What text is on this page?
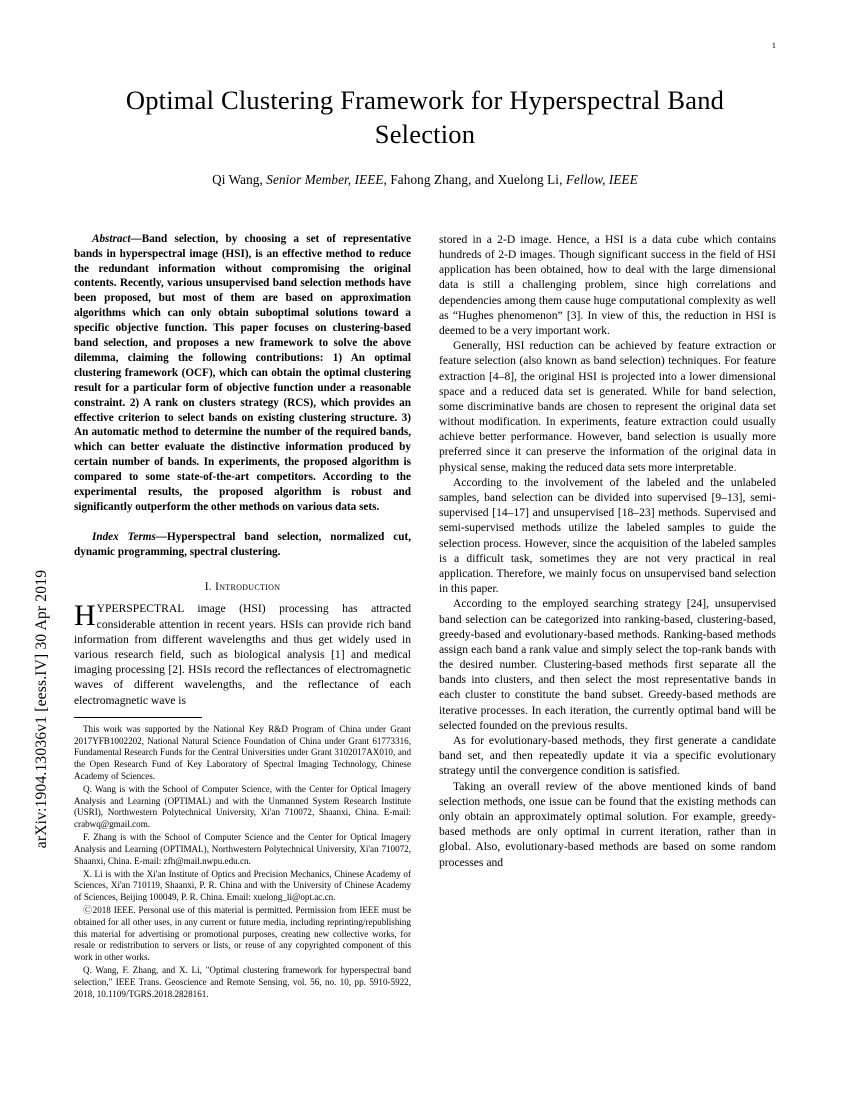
arXiv:1904.13036v1 [eess.IV] 30 Apr 2019
1
Optimal Clustering Framework for Hyperspectral Band Selection
Qi Wang, Senior Member, IEEE, Fahong Zhang, and Xuelong Li, Fellow, IEEE
Abstract—Band selection, by choosing a set of representative bands in hyperspectral image (HSI), is an effective method to reduce the redundant information without compromising the original contents. Recently, various unsupervised band selection methods have been proposed, but most of them are based on approximation algorithms which can only obtain suboptimal solutions toward a specific objective function. This paper focuses on clustering-based band selection, and proposes a new framework to solve the above dilemma, claiming the following contributions: 1) An optimal clustering framework (OCF), which can obtain the optimal clustering result for a particular form of objective function under a reasonable constraint. 2) A rank on clusters strategy (RCS), which provides an effective criterion to select bands on existing clustering structure. 3) An automatic method to determine the number of the required bands, which can better evaluate the distinctive information produced by certain number of bands. In experiments, the proposed algorithm is compared to some state-of-the-art competitors. According to the experimental results, the proposed algorithm is robust and significantly outperform the other methods on various data sets.
Index Terms—Hyperspectral band selection, normalized cut, dynamic programming, spectral clustering.
I. Introduction

HYPERSPECTRAL image (HSI) processing has attracted considerable attention in recent years. HSIs can provide rich band information from different wavelengths and thus get widely used in various research field, such as biological analysis [1] and medical imaging processing [2]. HSIs record the reflectances of electromagnetic waves of different wavelengths, and the reflectance of each electromagnetic wave is

This work was supported by the National Key R&D Program of China under Grant 2017YFB1002202, National Natural Science Foundation of China under Grant 61773316, Fundamental Research Funds for the Central Universities under Grant 3102017AX010, and the Open Research Fund of Key Laboratory of Spectral Imaging Technology, Chinese Academy of Sciences.

Q. Wang is with the School of Computer Science, with the Center for Optical Imagery Analysis and Learning (OPTIMAL) and with the Unmanned System Research Institute (USRI), Northwestern Polytechnical University, Xi'an 710072, Shaanxi, China. E-mail: crabwq@gmail.com.

F. Zhang is with the School of Computer Science and the Center for Optical Imagery Analysis and Learning (OPTIMAL), Northwestern Polytechnical University, Xi'an 710072, Shaanxi, China. E-mail: zfh@mail.nwpu.edu.cn.

X. Li is with the Xi'an Institute of Optics and Precision Mechanics, Chinese Academy of Sciences, Xi'an 710119, Shaanxi, P. R. China and with the University of Chinese Academy of Sciences, Beijing 100049, P. R. China. Email: xuelong_li@opt.ac.cn.

Ⓒ2018 IEEE. Personal use of this material is permitted. Permission from IEEE must be obtained for all other uses, in any current or future media, including reprinting/republishing this material for advertising or promotional purposes, creating new collective works, for resale or redistribution to servers or lists, or reuse of any copyrighted component of this work in other works.

Q. Wang, F. Zhang, and X. Li, "Optimal clustering framework for hyperspectral band selection," IEEE Trans. Geoscience and Remote Sensing, vol. 56, no. 10, pp. 5910-5922, 2018, 10.1109/TGRS.2018.2828161.

stored in a 2-D image. Hence, a HSI is a data cube which contains hundreds of 2-D images. Though significant success in the field of HSI application has been obtained, how to deal with the large dimensional data is still a challenging problem, since high correlations and dependencies among them cause huge computational complexity as well as “Hughes phenomenon” [3]. In view of this, the reduction in HSI is deemed to be a very important work.

Generally, HSI reduction can be achieved by feature extraction or feature selection (also known as band selection) techniques. For feature extraction [4–8], the original HSI is projected into a lower dimensional space and a reduced data set is generated. While for band selection, some discriminative bands are chosen to represent the original data set without modification. In experiments, feature extraction could usually achieve better performance. However, band selection is usually more preferred since it can preserve the information of the original data in physical sense, making the reduced data sets more interpretable.

According to the involvement of the labeled and the unlabeled samples, band selection can be divided into supervised [9–13], semi-supervised [14–17] and unsupervised [18–23] methods. Supervised and semi-supervised methods utilize the labeled samples to guide the selection process. However, since the acquisition of the labeled samples is a difficult task, sometimes they are not very practical in real application. Therefore, we mainly focus on unsupervised band selection in this paper.

According to the employed searching strategy [24], unsupervised band selection can be categorized into ranking-based, clustering-based, greedy-based and evolutionary-based methods. Ranking-based methods assign each band a rank value and simply select the top-rank bands with the desired number. Clustering-based methods first separate all the bands into clusters, and then select the most representative bands in each cluster to constitute the band subset. Greedy-based methods are iterative processes. In each iteration, the currently optimal band will be selected founded on the previous results.

As for evolutionary-based methods, they first generate a candidate band set, and then repeatedly update it via a specific evolutionary strategy until the convergence condition is satisfied.

Taking an overall review of the above mentioned kinds of band selection methods, one issue can be found that the existing methods can only obtain an approximately optimal solution. For example, greedy-based methods are only optimal in current iteration, rather than in global. Also, evolutionary-based methods are based on some random processes and
